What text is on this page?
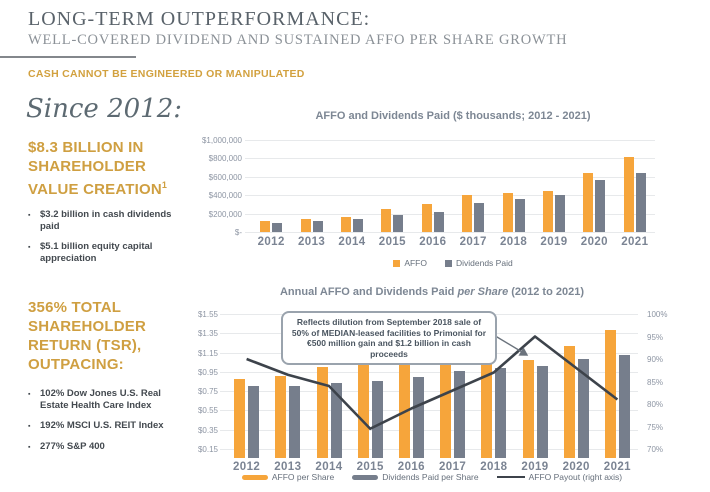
LONG-TERM OUTPERFORMANCE:
WELL-COVERED DIVIDEND AND SUSTAINED AFFO PER SHARE GROWTH
CASH CANNOT BE ENGINEERED OR MANIPULATED
Since 2012:
$8.3 BILLION IN SHAREHOLDER VALUE CREATION$^1$
▪ $3.2 billion in cash dividends paid
▪ $5.1 billion equity capital appreciation
356% TOTAL SHAREHOLDER RETURN (TSR), OUTPACING:
▪ 102% Dow Jones U.S. Real Estate Health Care Index
▪ 192% MSCI U.S. REIT Index
▪ 277% S&P 400
AFFO and Dividends Paid ($ thousands; 2012 - 2021)
AFFO	Dividends Paid
$1,000,000
$800,000
$600,000
$400,000
$200,000
$-
2012	2013	2014	2015	2016	2017	2018	2019	2020	2021
Annual AFFO and Dividends Paid per Share (2012 to 2021)
Reflects dilution from September 2018 sale of 50% of MEDIAN-leased facilities to Primonial for €500 million gain and $1.2 billion in cash proceeds
AFFO per Share	Dividends Paid per Share	AFFO Payout (right axis)
$1.55
$1.35
$1.15
$0.95
$0.75
$0.55
$0.35
$0.15
100%
95%
90%
85%
80%
75%
70%
2012	2013	2014	2015	2016	2017	2018	2019	2020	2021
